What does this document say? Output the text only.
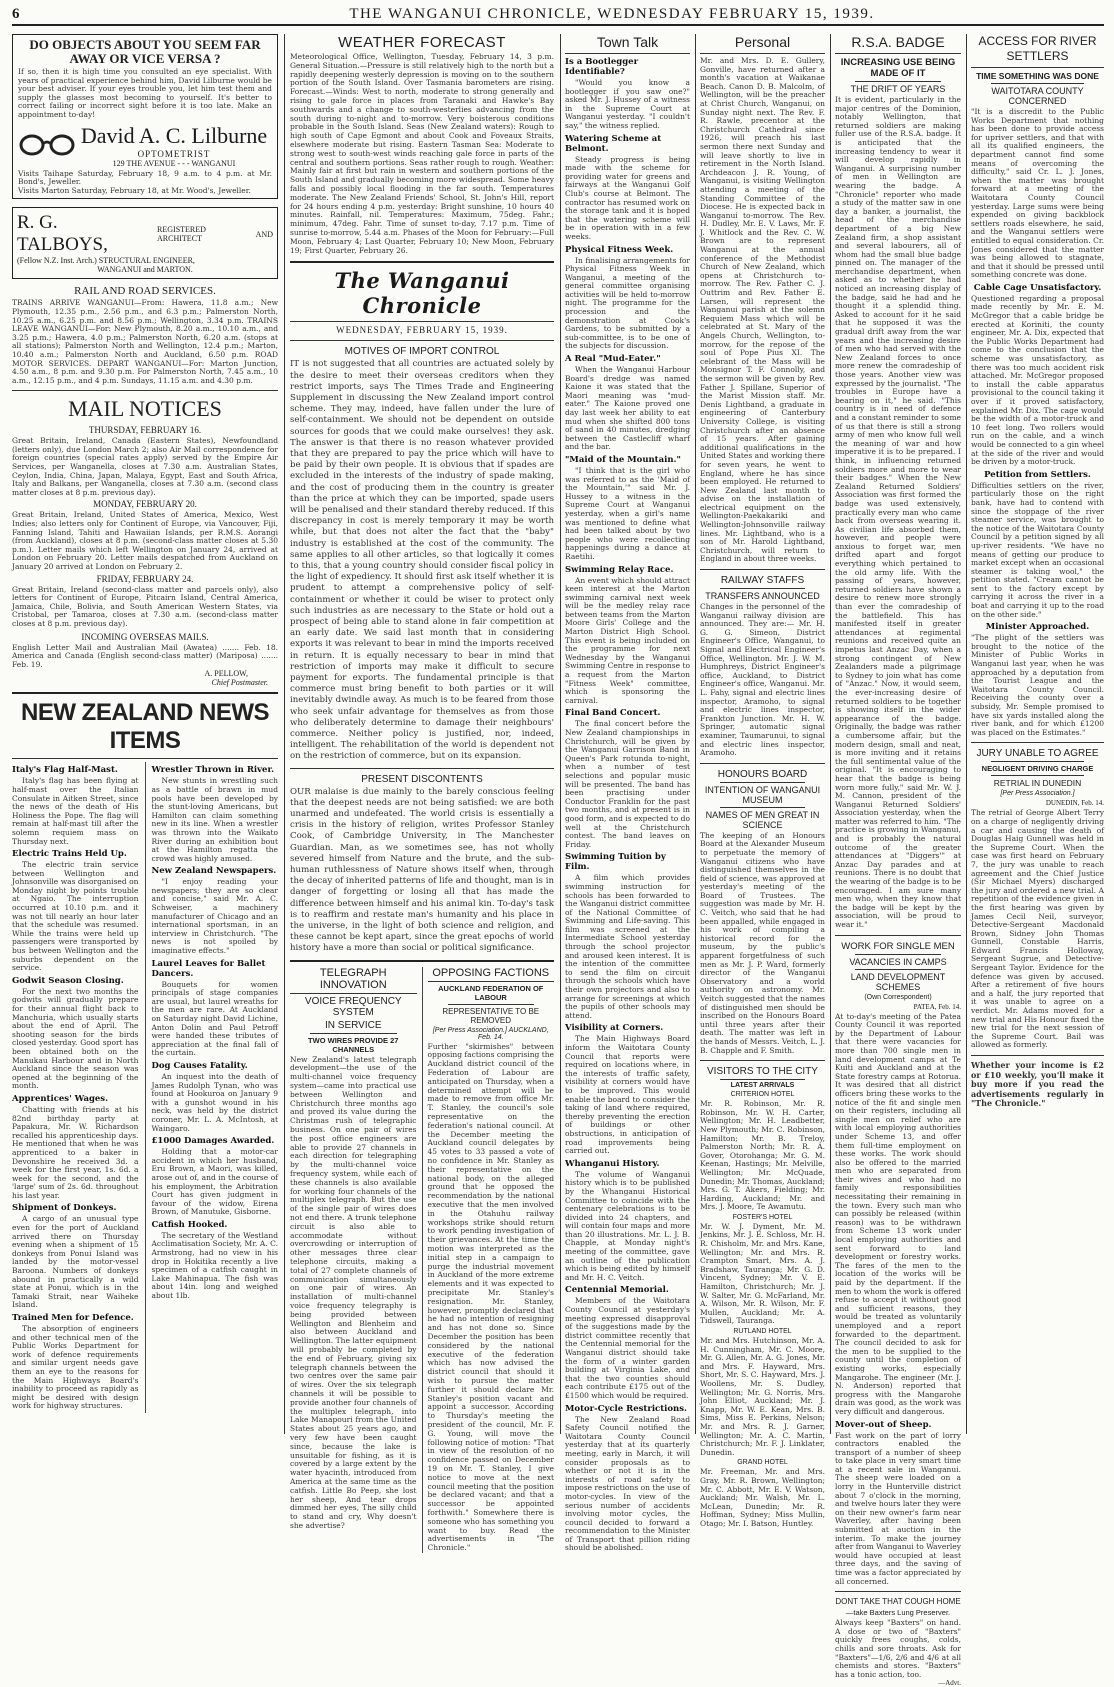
6	THE WANGANUI CHRONICLE, WEDNESDAY FEBRUARY 15, 1939.
DO OBJECTS ABOUT YOU SEEM FAR
AWAY OR VICE VERSA ?
If so, then it is high time you consulted an eye specialist. With years of practical experience behind him, David Lilburne would be your best adviser. If your eyes trouble you, let him test them and supply the glasses most becoming to yourself. It's better to correct failing or incorrect sight before it is too late. Make an appointment to-day!
David A. C. Lilburne
OPTOMETRIST
129 THE AVENUE - - - WANGANUI
Visits Taihape Saturday, February 18, 9 a.m. to 4 p.m. at Mr. Bond's, Jeweller.
Visits Marton Saturday, February 18, at Mr. Wood's, Jeweller.
R. G. TALBOYS,
REGISTERED ARCHITECT	AND
(Fellow N.Z. Inst. Arch.) STRUCTURAL ENGINEER,
WANGANUI and MARTON.
RAIL AND ROAD SERVICES.
TRAINS ARRIVE WANGANUI—From: Hawera, 11.8 a.m.; New Plymouth, 12.35 p.m., 2.56 p.m., and 6.3 p.m.; Palmerston North, 10.25 a.m., 6.25 p.m. and 8.56 p.m.; Wellington, 3.34 p.m. TRAINS LEAVE WANGANUI—For: New Plymouth, 8.20 a.m., 10.10 a.m., and 3.25 p.m.; Hawera, 4.0 p.m.; Palmerston North, 6.20 a.m. (stops at all stations); Palmerston North and Wellington, 12.4 p.m.; Marton, 10.40 a.m.; Palmerston North and Auckland, 6.50 p.m. ROAD MOTOR SERVICES. DEPART WANGANUI—For: Marton Junction, 4.50 a.m., 8 p.m. and 9.30 p.m. For Palmerston North, 7.45 a.m., 10 a.m., 12.15 p.m., and 4 p.m. Sundays, 11.15 a.m. and 4.30 p.m.
MAIL NOTICES
THURSDAY, FEBRUARY 16.
Great Britain, Ireland, Canada (Eastern States), Newfoundland (letters only), due London March 2; also Air Mail correspondence for foreign countries (special rates apply) served by the Empire Air Services, per Wanganella, closes at 7.30 a.m. Australian States, Ceylon, India, China, Japan, Malaya, Egypt, East and South Africa, Italy and Balkans, per Wanganella, closes at 7.30 a.m. (second class matter closes at 8 p.m. previous day).
MONDAY, FEBRUARY 20.
Great Britain, Ireland, United States of America, Mexico, West Indies; also letters only for Continent of Europe, via Vancouver, Fiji, Fanning Island, Tahiti and Hawaiian Islands, per R.M.S. Aorangi (from Auckland), closes at 8 p.m. (second-class matter closes at 5.30 p.m.). Letter mails which left Wellington on January 24, arrived at London on February 20. Letter mails despatched from Auckland on January 20 arrived at London on February 2.
FRIDAY, FEBRUARY 24.
Great Britain, Ireland (second-class matter and parcels only), also letters for Continent of Europe, Pitcairn Island, Central America, Jamaica, Chile, Bolivia, and South American Western States, via Cristobal, per Tamaroa, closes at 7.30 a.m. (second-class matter closes at 8 p.m. previous day).
INCOMING OVERSEAS MAILS.
English Letter Mail and Australian Mail (Awatea) ....... Feb. 18. America and Canada (English second-class matter) (Mariposa) ....... Feb. 19.
A. PELLOW,
Chief Postmaster.
NEW ZEALAND NEWS ITEMS
Italy's Flag Half-Mast.
Italy's flag has been flying at half-mast over the Italian Consulate in Aitken Street, since the news of the death of His Holiness the Pope. The flag will remain at half-mast till after the solemn requiem mass on Thursday next.
Electric Trains Held Up.
The electric train service between Wellington and Johnsonville was disorganised on Monday night by points trouble at Ngaio. The interruption occurred at 10.10 p.m. and it was not till nearly an hour later that the schedule was resumed. While the trains were held up passengers were transported by bus between Wellington and the suburbs dependent on the service.
Godwit Season Closing.
For the next two months the godwits will gradually prepare for their annual flight back to Manchuria, which usually starts about the end of April. The shooting season for the birds closed yesterday. Good sport has been obtained both on the Manukau Harbour and in North Auckland since the season was opened at the beginning of the month.
Apprentices' Wages.
Chatting with friends at his 82nd birthday party at Papakura, Mr. W. Richardson recalled his apprenticeship days. He mentioned that when he was apprenticed to a baker in Devonshire he received 3d. a week for the first year, 1s. 6d. a week for the second, and the 'large' sum of 2s. 6d. throughout his last year.
Shipment of Donkeys.
A cargo of an unusual type even for the port of Auckland arrived there on Thursday evening when a shipment of 15 donkeys from Ponui Island was landed by the motor-vessel Baroona. Numbers of donkeys abound in practically a wild state at Ponui, which is in the Tamaki Strait, near Waiheke Island.
Trained Men for Defence.
The absorption of engineers and other technical men of the Public Works Department for work of defence requirements and similar urgent needs gave them an eye to the reasons for the Main Highways Board's inability to proceed as rapidly as might be desired with design work for highway structures.
Wrestler Thrown in River.
New stunts in wrestling such as a battle of brawn in mud pools have been developed by the stunt-loving Americans, but Hamilton can claim something new in its line. When a wrestler was thrown into the Waikato River during an exhibition bout at the Hamilton regatta the crowd was highly amused.
New Zealand Newspapers.
"I enjoy reading your newspapers; they are so clear and concise," said Mr. A. C. Schweiser, a machinery manufacturer of Chicago and an international sportsman, in an interview in Christchurch. "The news is not spoiled by imaginative effects."
Laurel Leaves for Ballet Dancers.
Bouquets for women principals of stage companies are usual, but laurel wreaths for the men are rare. At Auckland on Saturday night David Lichine, Anton Dolin and Paul Petroff were handed these tributes of appreciation at the final fall of the curtain.
Dog Causes Fatality.
An inquest into the death of James Rudolph Tynan, who was found at Hookuroa on January 9 with a gunshot wound in his neck, was held by the district coroner, Mr. L. A. McIntosh, at Waingaro.
£1000 Damages Awarded.
Holding that a motor-car accident in which her husband, Eru Brown, a Maori, was killed, arose out of, and in the course of his employment, the Arbitration Court has given judgment in favour of the widow, Eirena Brown, of Manutuke, Gisborne.
Catfish Hooked.
The secretary of the Westland Acclimatisation Society, Mr. A. C. Armstrong, had no view in his drop in Hokitika recently a live specimen of a catfish caught in Lake Mahinapua. The fish was about 14in. long and weighed about 1lb.
WEATHER FORECAST
Meteorological Office, Wellington, Tuesday, February 14, 3 p.m. General Situation.—Pressure is still relatively high to the north but a rapidly deepening westerly depression is moving on to the southern portion of the South Island. Over Tasmania barometers are rising. Forecast.—Winds: West to north, moderate to strong generally and rising to gale force in places from Taranaki and Hawke's Bay southwards and a change to south-westerlies advancing from the south during to-night and to-morrow. Very boisterous conditions probable in the South Island. Seas (New Zealand waters): Rough to high south of Cape Egmont and about Cook and Foveaux Straits, elsewhere moderate but rising. Eastern Tasman Sea: Moderate to strong west to south-west winds reaching gale force in parts of the central and southern portions. Seas rather rough to rough. Weather: Mainly fair at first but rain in western and southern portions of the South Island and gradually becoming more widespread. Some heavy falls and possibly local flooding in the far south. Temperatures moderate. The New Zealand Friends' School, St. John's Hill, report for 24 hours ending 4 p.m. yesterday: Bright sunshine, 10 hours 40 minutes. Rainfall, nil. Temperatures: Maximum, 75deg. Fahr.; minimum, 47deg. Fahr. Time of sunset to-day, 7.17 p.m. Time of sunrise to-morrow, 5.44 a.m. Phases of the Moon for February:—Full Moon, February 4; Last Quarter, February 10; New Moon, February 19; First Quarter, February 26.
The Wanganui Chronicle
WEDNESDAY, FEBRUARY 15, 1939.
MOTIVES OF IMPORT CONTROL
IT is not suggested that all countries are actuated solely by the desire to meet their overseas creditors when they restrict imports, says The Times Trade and Engineering Supplement in discussing the New Zealand import control scheme. They may, indeed, have fallen under the lure of self-containment. We should not be dependent on outside sources for goods that we could make ourselves! they ask. The answer is that there is no reason whatever provided that they are prepared to pay the price which will have to be paid by their own people. It is obvious that if spades are excluded in the interests of the industry of spade making, and the cost of producing them in the country is greater than the price at which they can be imported, spade users will be penalised and their standard thereby reduced. If this discrepancy in cost is merely temporary it may be worth while, but that does not alter the fact that the "baby" industry is established at the cost of the community. The same applies to all other articles, so that logically it comes to this, that a young country should consider fiscal policy in the light of expediency. It should first ask itself whether it is prudent to attempt a comprehensive policy of self-containment or whether it could be wiser to protect only such industries as are necessary to the State or hold out a prospect of being able to stand alone in fair competition at an early date. We said last month that in considering exports it was relevant to bear in mind the imports received in return. It is equally necessary to bear in mind that restriction of imports may make it difficult to secure payment for exports. The fundamental principle is that commerce must bring benefit to both parties or it will inevitably dwindle away. As much is to be feared from those who seek unfair advantage for themselves as from those who deliberately determine to damage their neighbours' commerce. Neither policy is justified, nor, indeed, intelligent. The rehabilitation of the world is dependent not on the restriction of commerce, but on its expansion.
PRESENT DISCONTENTS
OUR malaise is due mainly to the barely conscious feeling that the deepest needs are not being satisfied: we are both unarmed and undefeated. The world crisis is essentially a crisis in the history of religion, writes Professor Stanley Cook, of Cambridge University, in The Manchester Guardian. Man, as we sometimes see, has not wholly severed himself from Nature and the brute, and the sub-human ruthlessness of Nature shows itself when, through the decay of inherited patterns of life and thought, man is in danger of forgetting or losing all that has made the difference between himself and his animal kin. To-day's task is to reaffirm and restate man's humanity and his place in the universe, in the light of both science and religion, and these cannot be kept apart, since the great epochs of world history have a more than social or political significance.
TELEGRAPH INNOVATION
VOICE FREQUENCY SYSTEM
IN SERVICE
TWO WIRES PROVIDE 27 CHANNELS
New Zealand's latest telegraph development—the use of the multi-channel voice frequency system—came into practical use between Wellington and Christchurch three months ago and proved its value during the Christmas rush of telegraphic business. On one pair of wires the post office engineers are able to provide 27 channels in each direction for telegraphing by the multi-channel voice frequency system, while each of these channels is also available for working four channels of the multiplex telegraph. But the use of the single pair of wires does not end there. A trunk telephone circuit is also able to accommodate without overcrowding or interruption of other messages three clear telephone circuits, making a total of 27 complete channels of communication simultaneously on one pair of wires. An installation of multi-channel voice frequency telegraphy is being provided between Wellington and Blenheim and also between Auckland and Wellington. The latter equipment will probably be completed by the end of February, giving six telegraph channels between the two centres over the same pair of wires. Over the six telegraph channels it will be possible to provide another four channels of the multiplex telegraph, into Lake Manapouri from the United States about 25 years ago, and very few have been caught since, because the lake is unsuitable for fishing, as it is covered by a large extent by the water hyacinth, introduced from America at the same time as the catfish. Little Bo Peep, she lost her sheep, And tear drops dimmed her eyes, The silly child to stand and cry, Why doesn't she advertise?
OPPOSING FACTIONS
AUCKLAND FEDERATION OF LABOUR
REPRESENTATIVE TO BE REMOVED
[Per Press Association.] AUCKLAND, Feb. 14.
Further "skirmishes" between opposing factions comprising the Auckland district council of the Federation of Labour are anticipated on Thursday, when a determined attempt will be made to remove from office Mr. T. Stanley, the council's sole representative on the federation's national council. At the December meeting the Auckland council delegates by 45 votes to 33 passed a vote of no confidence in Mr. Stanley as their representative on the national body, on the alleged ground that he opposed the recommendation by the national executive that the men involved in the Otahuhu railway workshops strike should return to work pending investigation of their grievances. At the time the motion was interpreted as the initial step in a campaign to purge the industrial movement in Auckland of the more extreme elements and it was expected to precipitate Mr. Stanley's resignation. Mr. Stanley, however, promptly declared that he had no intention of resigning and has not done so. Since December the position has been considered by the national executive of the federation which has now advised the district council that should it wish to pursue the matter further it should declare Mr. Stanley's position vacant and appoint a successor. According to Thursday's meeting the president of the council, Mr. F. G. Young, will move the following notice of motion: "That in view of the resolution of no confidence passed on December 19 on Mr. T. Stanley, I give notice to move at the next council meeting that the position be declared vacant; and that a successor be appointed forthwith." Somewhere there is someone who has something you want to buy. Read the advertisements in "The Chronicle."
Town Talk
Is a Bootlegger Identifiable?
"Would you know a bootlegger if you saw one?" asked Mr. J. Hussey of a witness in the Supreme Court at Wanganui yesterday. "I couldn't say," the witness replied.
Watering Scheme at Belmont.
Steady progress is being made with the scheme for providing water for greens and fairways at the Wanganui Golf Club's course at Belmont. The contractor has resumed work on the storage tank and it is hoped that the watering scheme will be in operation with in a few weeks.
Physical Fitness Week.
In finalising arrangements for Physical Fitness Week in Wanganui, a meeting of the general committee organising activities will be held to-morrow night. The programme for the procession and the demonstration at Cook's Gardens, to be submitted by a sub-committee, is to be one of the subjects for discussion.
A Real "Mud-Eater."
When the Wanganui Harbour Board's dredge was named Kaione it was stated that the Maori meaning was "mud-eater." The Kaione proved one day last week her ability to eat mud when she shifted 800 tons of sand in 40 minutes, dredging between the Castlecliff wharf and the bar.
"Maid of the Mountain."
"I think that is the girl who was referred to as the 'Maid of the Mountain,'" said Mr. J. Hussey to a witness in the Supreme Court at Wanganui yesterday, when a girl's name was mentioned to define what had been talked about by two people who were recollecting happenings during a dance at Raetihi.
Swimming Relay Race.
An event which should attract keen interest at the Marton swimming carnival next week will be the medley relay race between teams from the Marton Moore Girls' College and the Marton District High School. This event is being included on the programme for next Wednesday by the Wanganui Swimming Centre in response to a request from the Marton "Fitness Week" committee, which is sponsoring the carnival.
Final Band Concert.
The final concert before the New Zealand championships in Christchurch, will be given by the Wanganui Garrison Band in Queen's Park rotunda to-night, when a number of test selections and popular music will be presented. The band has been practising under Conductor Franklin for the past two months, and at present is in good form, and is expected to do well at the Christchurch contest. The band leaves on Friday.
Swimming Tuition by Film.
A film which provides swimming instruction for schools has been forwarded to the Wanganui district committee of the National Committee of Swimming and Life-saving. This film was screened at the Intermediate School yesterday through the school projector and aroused keen interest. It is the intention of the committee to send the film on circuit through the schools which have their own projectors and also to arrange for screenings at which the pupils of other schools may attend.
Visibility at Corners.
The Main Highways Board inform the Waitotara County Council that reports were required on locations where, in the interests of traffic safety, visibility at corners would have to be improved. This would enable the board to consider the taking of land where required, thereby preventing the erection of buildings or other obstructions, in anticipation of road improvements being carried out.
Whanganui History.
The volume of Wanganui history which is to be published by the Whanganui Historical Committee to coincide with the centenary celebrations is to be divided into 24 chapters, and will contain four maps and more than 20 illustrations. Mr. L. J. B. Chapple, at Monday night's meeting of the committee, gave an outline of the publication which is being edited by himself and Mr. H. C. Veitch.
Centennial Memorial.
Members of the Waitotara County Council at yesterday's meeting expressed disapproval of the suggestions made by the district committee recently that the Centennial memorial for the Wanganui district should take the form of a winter garden building at Virginia Lake, and that the two counties should each contribute £175 out of the £1500 which would be required.
Motor-Cycle Restrictions.
The New Zealand Road Safety Council notified the Waitotara County Council yesterday that at its quarterly meeting, early in March, it will consider proposals as to whether or not it is in the interests of road safety to impose restrictions on the use of motor-cycles. In view of the serious number of accidents involving motor cycles, the council decided to forward a recommendation to the Minister of Transport that pillion riding should be abolished.
Personal
Mr. and Mrs. D. E. Gullery, Gonville, have returned after a month's vacation at Waikanae Beach. Canon D. B. Malcolm, of Wellington, will be the preacher at Christ Church, Wanganui, on Sunday night next. The Rev. F. R. Rawle, precentor at the Christchurch Cathedral since 1926, will preach his last sermon there next Sunday and will leave shortly to live in retirement in the North Island. Archdeacon J. R. Young, of Wanganui, is visiting Wellington attending a meeting of the Standing Committee of the Diocese. He is expected back in Wanganui to-morrow. The Rev. H. Dudley, Mr. E. V. Laws, Mr. F. J. Whitlock and the Rev. C. W. Brown are to represent Wanganui at the annual conference of the Methodist Church of New Zealand, which opens at Christchurch to-morrow. The Rev. Father C. J. Outtrim and Rev. Father E. Larsen, will represent the Wanganui parish at the solemn Requiem Mass which will be celebrated at St. Mary of the Angels Church, Wellington, to-morrow, for the repose of the soul of Pope Pius XI. The celebrant of the Mass will be Monsignor T. F. Connolly, and the sermon will be given by Rev. Father J. Spillane, Superior of the Marist Mission staff. Mr. Denis Lightband, a graduate in engineering of Canterbury University College, is visiting Christchurch after an absence of 15 years. After gaining additional qualifications in the United States and working there for seven years, he went to England, where he has since been employed. He returned to New Zealand last month to advise on the installation of electrical equipment on the Wellington-Paekakariki and Wellington-Johnsonville railway lines. Mr. Lightband, who is a son of Mr. Harold Lightband, Christchurch, will return to England in about three weeks.
RAILWAY STAFFS
TRANSFERS ANNOUNCED
Changes in the personnel of the Wanganui railway division are announced. They are:— Mr. H. G. G. Simeon, District Engineer's Office, Wanganui, to Signal and Electrical Engineer's Office, Wellington. Mr. J. W. M. Humphreys, District Engineer's office, Auckland, to District Engineer's office, Wanganui. Mr. L. Fahy, signal and electric lines inspector, Aramoho, to signal and electric lines inspector, Frankton Junction. Mr. H. W. Springer, automatic signal examiner, Taumarunui, to signal and electric lines inspector, Aramoho.
HONOURS BOARD
INTENTION OF WANGANUI MUSEUM
NAMES OF MEN GREAT IN SCIENCE
The keeping of an Honours Board at the Alexander Museum to perpetuate the memory of Wanganui citizens who have distinguished themselves in the field of science, was approved at yesterday's meeting of the Board of Trustees. The suggestion was made by Mr. H. C. Veitch, who said that he had been appalled, while engaged in his work of compiling a historical record for the museum, by the public's apparent forgetfulness of such men as Mr. J. P. Ward, formerly director of the Wanganui Observatory and a world authority on astronomy. Mr. Veitch suggested that the names of distinguished men should be inscribed on the Honours Board until three years after their death. The matter was left in the hands of Messrs. Veitch, L. J. B. Chapple and F. Smith.
VISITORS TO THE CITY
LATEST ARRIVALS
CRITERION HOTEL
Mr. R. Robinson, Mr. R. Robinson, Mr. W. H. Carter, Wellington; Mr. H. Leadbetter, New Plymouth; Mr. C. Robinson, Hamilton; Mr. B. Treloy, Palmerston North; Mr. R. A. Gover, Otorohanga; Mr. G. M. Keenan, Hastings; Mr. Melville, Wellington; Mr. McQuade, Dunedin; Mr. Thomas, Auckland; Mrs. G. T. Akers, Fielding; Mr. Harding, Auckland; Mr. and Mrs. J. Moore, Te Awamutu.
FOSTER'S HOTEL
Mr. W. J. Dyment, Mr. M. Jenkins, Mr. J. E. Schloss, Mr. H. R. Chisholm, Mr. and Mrs. Kane, Wellington; Mr. and Mrs. R. Crampton Smart, Mrs. A. J. Bradshaw, Tauranga; Mr. G. D. Vincent, Sydney; Mr. V. E. Hamilton, Christchurch; Mr. J. W. Salter, Mr. G. McFarland, Mr. A. Wilson, Mr. R. Wilson, Mr. F. Mullen, Auckland; Mr. A. Tidswell, Tauranga.
RUTLAND HOTEL
Mr. and Mrs. Hutchinson, Mr. A. H. Cunningham, Mr. C. Moore, Mr. G. Allen, Mr. A. G. Jones, Mr. and Mrs. F. Hayward, Mrs. Short, Mr. S. C. Hayward, Mrs. J. Woollens, Mr. S. Dudley, Wellington; Mr. G. Norris, Mrs. John Elliot, Auckland; Mr. J. Knapp, Mr. W. E. Kean, Mrs. B. Sims, Miss E. Perkins, Nelson; Mr. and Mrs. R. J. Garner, Wellington; Mr. A. C. Martin, Christchurch; Mr. F. J. Linklater, Dunedin.
GRAND HOTEL
Mr. Freeman, Mr. and Mrs. Gray, Mr. R. Brown, Wellington; Mr. C. Abbott, Mr. E. V. Watson, Auckland; Mr. Walsh, Mr. L. McLean, Dunedin; Mr. R. Hoffman, Sydney; Miss Mullin, Otago; Mr. I. Batson, Huntley.
R.S.A. BADGE
INCREASING USE BEING MADE OF IT
THE DRIFT OF YEARS
It is evident, particularly in the major centres of the Dominion, notably Wellington, that returned soldiers are making fuller use of the R.S.A. badge. It is anticipated that the increasing tendency to wear it will develop rapidly in Wanganui. A surprising number of men in Wellington are wearing the badge. A "Chronicle" reporter who made a study of the matter saw in one day a banker, a journalist, the head of the merchandise department of a big New Zealand firm, a shop assistant and several labourers, all of whom had the small blue badge pinned on. The manager of the merchandise department, when asked as to whether he had noticed an increasing display of the badge, said he had and he thought it a splendid thing. Asked to account for it he said that he supposed it was the gradual drift away from the war years and the increasing desire of men who had served with the New Zealand forces to once more renew the comradeship of those years. Another view was expressed by the journalist. "The troubles in Europe have a bearing on it," he said. "This country is in need of defence and a constant reminder to some of us that there is still a strong army of men who know full well the meaning of war and how imperative it is to be prepared. I think, in influencing returned soldiers more and more to wear their badges." When the New Zealand Returned Soldiers' Association was first formed the badge was used extensively, practically every man who came back from overseas wearing it. As civilian life absorbed them, however, and people were anxious to forget war, men drifted apart and forgot everything which pertained to the old army life. With the passing of years, however, returned soldiers have shown a desire to renew more strongly than ever the comradeship of the battlefield. This has manifested itself in greater attendances at regimental reunions and received quite an impetus last Anzac Day, when a strong contingent of New Zealanders made a pilgrimage to Sydney to join what has come of "Anzac." Now, it would seem, the ever-increasing desire of returned soldiers to be together is showing itself in the wider appearance of the badge. Originally, the badge was rather a cumbersome affair, but the modern design, small and neat, is more inviting and it retains the full sentimental value of the original. "It is encouraging to hear that the badge is being worn more fully," said Mr. W. J. M. Cannon, president of the Wanganui Returned Soldiers' Association yesterday, when the matter was referred to him. "The practice is growing in Wanganui, and is probably the natural outcome of the greater attendances at "Diggers'" at Anzac Day parades and at reunions. There is no doubt that the wearing of the badge is to be encouraged. I am sure many men who, when they know that the badge will be kept by the association, will be proud to wear it."
WORK FOR SINGLE MEN
VACANCIES IN CAMPS
LAND DEVELOPMENT SCHEMES
(Own Correspondent)
PATEA, Feb. 14.
At to-day's meeting of the Patea County Council it was reported by the Department of Labour that there were vacancies for more than 700 single men in land development camps at Te Kuiti and Auckland and at the State forestry camps at Rotorua. It was desired that all district officers bring these works to the notice of the fit and single men on their registers, including all single men on relief who are with local employing authorities under Scheme 13, and offer them full-time employment on these works. The work should also be offered to the married men who are separated from their wives and who had no family responsibilities necessitating their remaining in the town. Every such man who can possibly be released (within reason) was to be withdrawn from Scheme 13 work under local employing authorities and sent forward to land development or forestry works. The fares of the men to the location of the works will be paid by the department. If the men to whom the work is offered refuse to accept it without good and sufficient reasons, they would be treated as voluntarily unemployed and a report forwarded to the department. The council decided to ask for the men to be supplied to the county until the completion of existing works, especially Mangarohe. The engineer (Mr. J. N. Anderson) reported that progress with the Mangarohe drain was good, as the work was very difficult and dangerous.
Mover-out of Sheep.
Fast work on the part of lorry contractors enabled the transport of a number of sheep to take place in very smart time at a recent sale in Wanganui. The sheep were loaded on a lorry in the Hunterville district about 7 o'clock in the morning, and twelve hours later they were on their new owner's farm near Waverley, after having been submitted at auction in the interim. To make the journey after from Wanganui to Waverley would have occupied at least three days, and the saving of time was a factor appreciated by all concerned.
DONT TAKE THAT COUGH HOME
—take Baxters Lung Preserver.
Always keep "Baxters" on hand. A dose or two of "Baxters" quickly frees coughs, colds, chills and sore throats. Ask for "Baxters"—1/6, 2/6 and 4/6 at all chemists and stores. "Baxters" has a tonic action, too.
—Advt.
ACCESS FOR RIVER SETTLERS
TIME SOMETHING WAS DONE
WAITOTARA COUNTY CONCERNED
"It is a discredit to the Public Works Department that nothing has been done to provide access for upriver settlers, and that with all its qualified engineers, the department cannot find some means of overcoming the difficulty," said Cr. L. J. Jones, when the matter was brought forward at a meeting of the Waitotara County Council yesterday. Large sums were being expended on giving backblock settlers roads elsewhere, he said, and the Wanganui settlers were entitled to equal consideration. Cr. Jones considered that the matter was being allowed to stagnate, and that it should be pressed until something concrete was done.
Cable Cage Unsatisfactory.
Questioned regarding a proposal made recently by Mr. E. M. McGregor that a cable bridge be erected at Koriniti, the county engineer, Mr. A. Dix, expected that the Public Works Department had come to the conclusion that the scheme was unsatisfactory, as there was too much accident risk attached. Mr. McGregor proposed to install the cable apparatus provisional to the council taking it over if it proved satisfactory, explained Mr. Dix. The cage would be the width of a motor-truck and 10 feet long. Two rollers would run on the cable, and a winch would be connected to a gin wheel at the side of the river and would be driven by a motor-truck.
Petition from Settlers.
Difficulties settlers on the river, particularly those on the right bank, have had to contend with since the stoppage of the river steamer service, was brought to the notice of the Waitotara County Council by a petition signed by all up-river residents. "We have no means of getting our produce to market except when an occasional steamer is taking wool," the petition stated. "Cream cannot be sent to the factory except by carrying it across the river in a boat and carrying it up to the road on the other side."
Minister Approached.
"The plight of the settlers was brought to the notice of the Minister of Public Works in Wanganui last year, when he was approached by a deputation from the Tourist League and the Waitotara County Council. Receiving the county over a subsidy, Mr. Semple promised to have six yards installed along the river bank, and for which £1200 was placed on the Estimates."
JURY UNABLE TO AGREE
NEGLIGENT DRIVING CHARGE
RETRIAL IN DUNEDIN
[Per Press Association.]
DUNEDIN, Feb. 14.
The retrial of George Albert Terry on a charge of negligently driving a car and causing the death of Douglas Haig Gunnell was held in the Supreme Court. When the case was first heard on February 7, the jury was unable to reach agreement and the Chief Justice (Sir Michael Myers) discharged the jury and ordered a new trial. A repetition of the evidence given in the first hearing was given by James Cecil Neil, surveyor, Detective-Sergeant Macdonald Brown, Sidney John Thomas Gunnell, Constable Harris, Edward Francis Holloway, Sergeant Sugrue, and Detective-Sergeant Taylor. Evidence for the defence was given by accused. After a retirement of five hours and a half, the jury reported that it was unable to agree on a verdict. Mr. Adams moved for a new trial and His Honour fixed the new trial for the next session of the Supreme Court. Bail was allowed as formerly.
Whether your income is £2 or £10 weekly, you'll make it buy more if you read the advertisements regularly in "The Chronicle."
